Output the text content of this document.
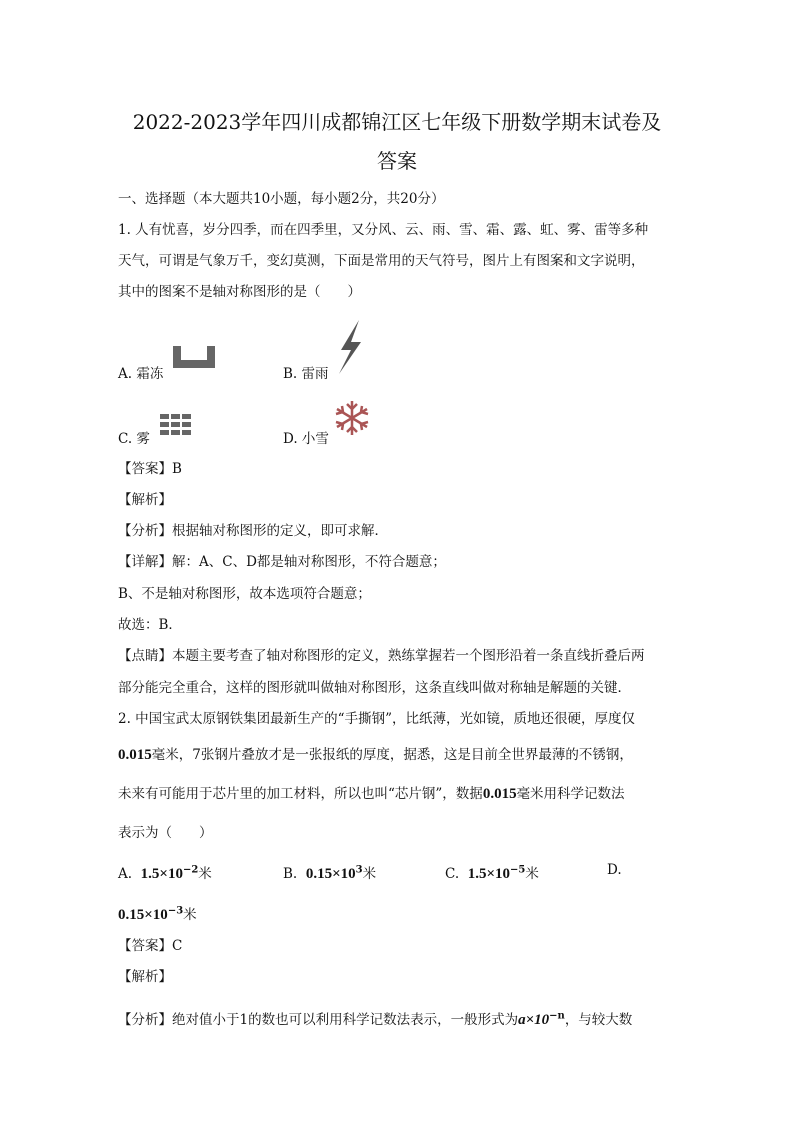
2022-2023学年四川成都锦江区七年级下册数学期末试卷及
答案
一、选择题（本大题共10小题，每小题2分，共20分）
1. 人有忧喜，岁分四季，而在四季里，又分风、云、雨、雪、霜、露、虹、雾、雷等多种
天气，可谓是气象万千，变幻莫测，下面是常用的天气符号，图片上有图案和文字说明，
其中的图案不是轴对称图形的是（　　）
A. 霜冻	B. 雷雨
C. 雾	D. 小雪
【答案】B
【解析】
【分析】根据轴对称图形的定义，即可求解．
【详解】解：A、C、D都是轴对称图形，不符合题意；
B、不是轴对称图形，故本选项符合题意；
故选：B．
【点睛】本题主要考查了轴对称图形的定义，熟练掌握若一个图形沿着一条直线折叠后两
部分能完全重合，这样的图形就叫做轴对称图形，这条直线叫做对称轴是解题的关键．
2. 中国宝武太原钢铁集团最新生产的“手撕钢”，比纸薄，光如镜，质地还很硬，厚度仅
0.015毫米，7张钢片叠放才是一张报纸的厚度，据悉，这是目前全世界最薄的不锈钢，
未来有可能用于芯片里的加工材料，所以也叫“芯片钢”，数据0.015毫米用科学记数法
表示为（　　）
A. $1.5\times 10^{-2}$米	B. $0.15\times 10^3$米	C. $1.5\times 10^{-5}$米	D.
$0.15\times 10^{-3}$米
【答案】C
【解析】
【分析】绝对值小于1的数也可以利用科学记数法表示，一般形式为$a\times 10^{-n}$，与较大数
